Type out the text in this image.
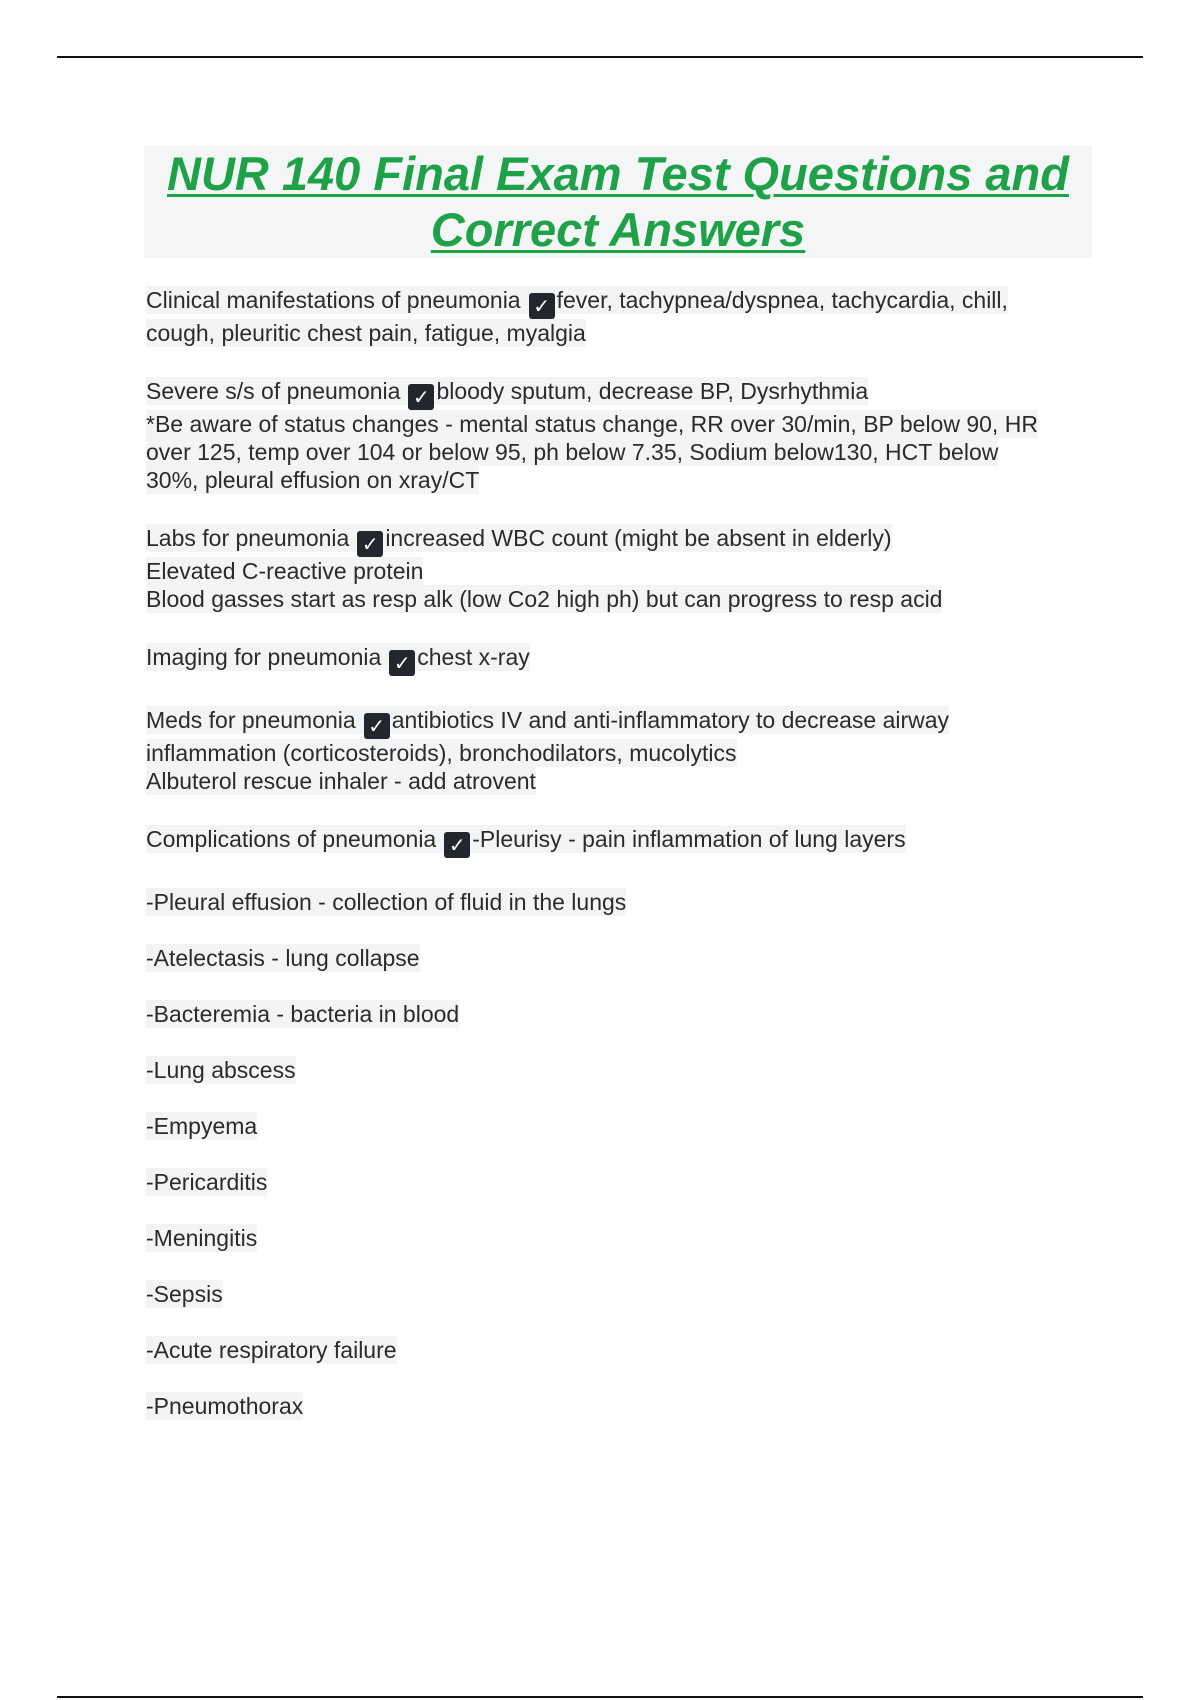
NUR 140 Final Exam Test Questions and
Correct Answers
Clinical manifestations of pneumonia ✓ fever, tachypnea/dyspnea, tachycardia, chill,
cough, pleuritic chest pain, fatigue, myalgia
Severe s/s of pneumonia ✓ bloody sputum, decrease BP, Dysrhythmia
*Be aware of status changes - mental status change, RR over 30/min, BP below 90, HR
over 125, temp over 104 or below 95, ph below 7.35, Sodium below130, HCT below
30%, pleural effusion on xray/CT
Labs for pneumonia ✓ increased WBC count (might be absent in elderly)
Elevated C-reactive protein
Blood gasses start as resp alk (low Co2 high ph) but can progress to resp acid
Imaging for pneumonia ✓ chest x-ray
Meds for pneumonia ✓ antibiotics IV and anti-inflammatory to decrease airway
inflammation (corticosteroids), bronchodilators, mucolytics
Albuterol rescue inhaler - add atrovent
Complications of pneumonia ✓ -Pleurisy - pain inflammation of lung layers
-Pleural effusion - collection of fluid in the lungs
-Atelectasis - lung collapse
-Bacteremia - bacteria in blood
-Lung abscess
-Empyema
-Pericarditis
-Meningitis
-Sepsis
-Acute respiratory failure
-Pneumothorax
